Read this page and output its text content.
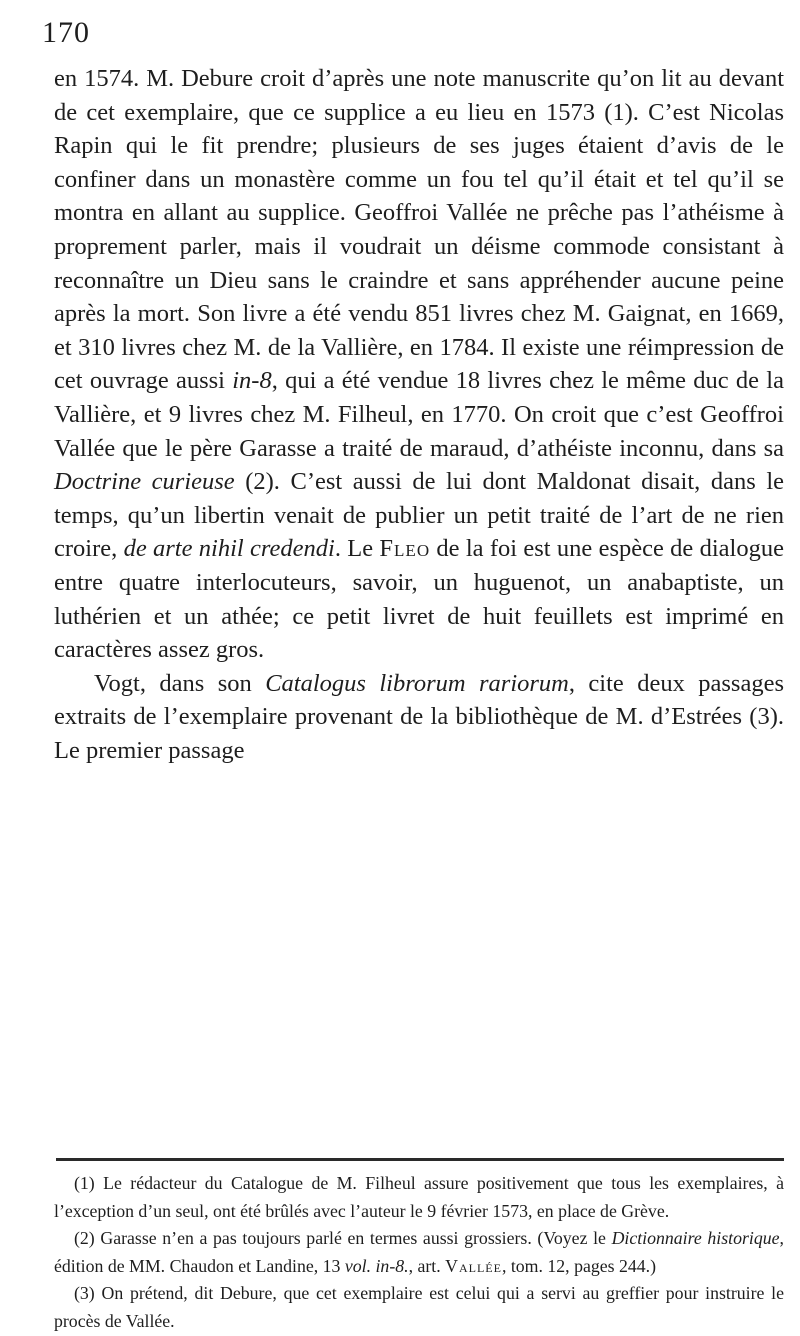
170

en 1574. M. Debure croit d’après une note manuscrite qu’on lit au devant de cet exemplaire, que ce supplice a eu lieu en 1573 (1). C’est Nicolas Rapin qui le fit prendre; plusieurs de ses juges étaient d’avis de le confiner dans un monastère comme un fou tel qu’il était et tel qu’il se montra en allant au supplice. Geoffroi Vallée ne prêche pas l’athéisme à proprement parler, mais il voudrait un déisme commode consistant à reconnaître un Dieu sans le craindre et sans appréhender aucune peine après la mort. Son livre a été vendu 851 livres chez M. Gaignat, en 1669, et 310 livres chez M. de la Vallière, en 1784. Il existe une réimpression de cet ouvrage aussi in-8, qui a été vendue 18 livres chez le même duc de la Vallière, et 9 livres chez M. Filheul, en 1770. On croit que c’est Geoffroi Vallée que le père Garasse a traité de maraud, d’athéiste inconnu, dans sa Doctrine curieuse (2). C’est aussi de lui dont Maldonat disait, dans le temps, qu’un libertin venait de publier un petit traité de l’art de ne rien croire, de arte nihil credendi. Le Fleo de la foi est une espèce de dialogue entre quatre interlocuteurs, savoir, un huguenot, un anabaptiste, un luthérien et un athée; ce petit livret de huit feuillets est imprimé en caractères assez gros.

Vogt, dans son Catalogus librorum rariorum, cite deux passages extraits de l’exemplaire provenant de la bibliothèque de M. d’Estrées (3). Le premier passage

(1) Le rédacteur du Catalogue de M. Filheul assure positivement que tous les exemplaires, à l’exception d’un seul, ont été brûlés avec l’auteur le 9 février 1573, en place de Grève.

(2) Garasse n’en a pas toujours parlé en termes aussi grossiers. (Voyez le Dictionnaire historique, édition de MM. Chaudon et Landine, 13 vol. in-8., art. Vallée, tom. 12, pages 244.)

(3) On prétend, dit Debure, que cet exemplaire est celui qui a servi au greffier pour instruire le procès de Vallée.
